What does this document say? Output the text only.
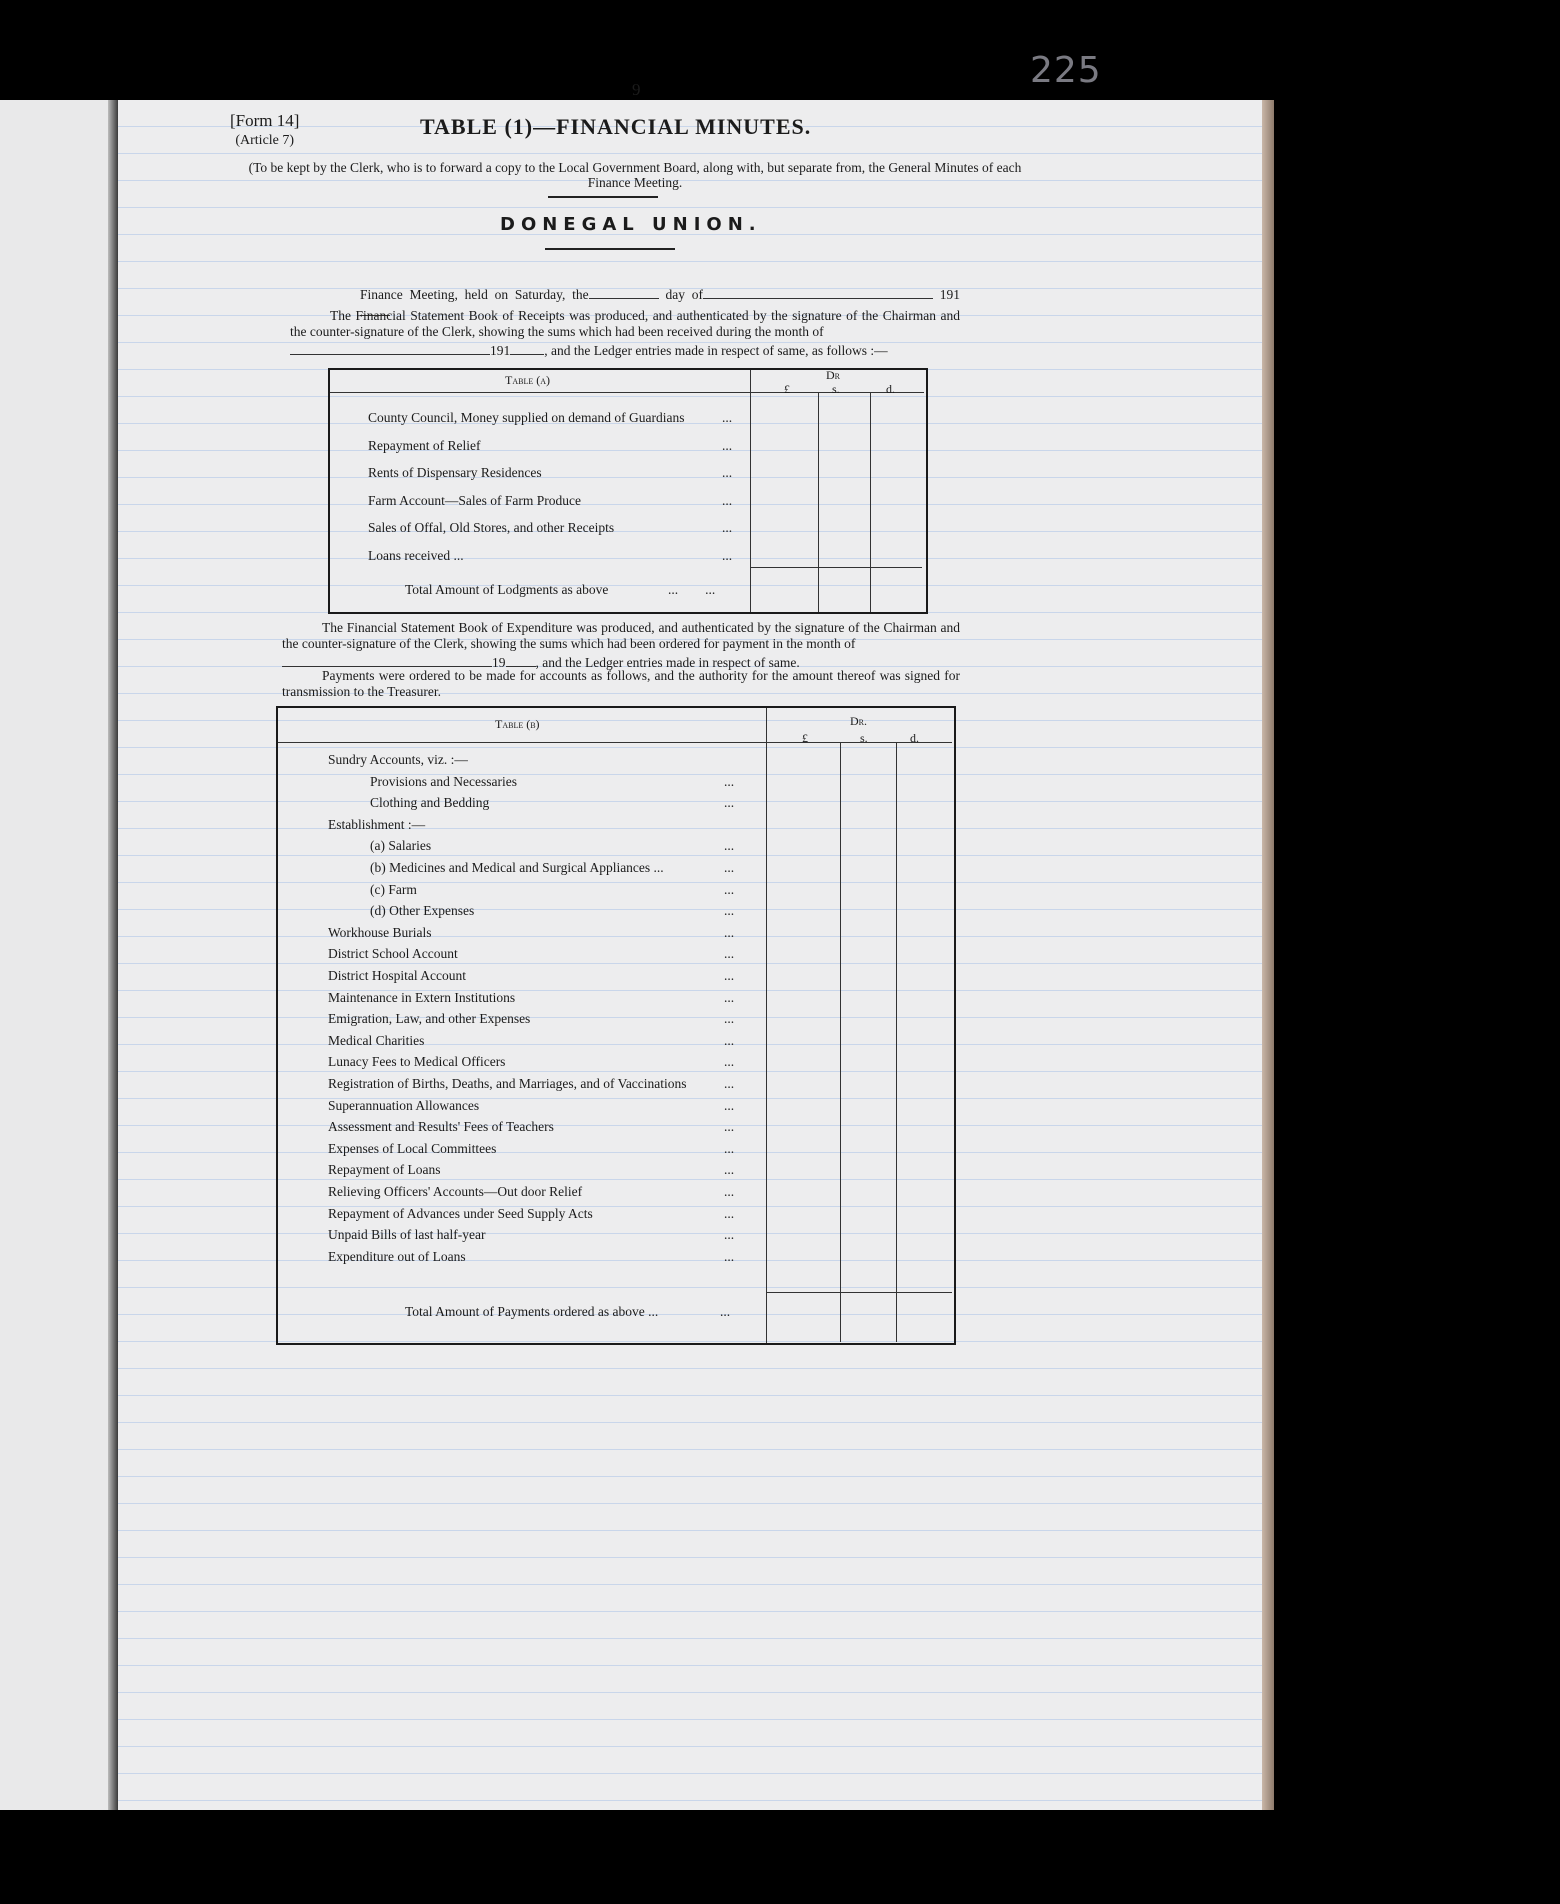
225
9
[Form 14]
(Article 7)
TABLE (1)—FINANCIAL MINUTES.
(To be kept by the Clerk, who is to forward a copy to the Local Government Board, along with, but separate from, the General Minutes of each Finance Meeting.
DONEGAL UNION.
Finance Meeting, held on Saturday, the	day of	191
The Financial Statement Book of Receipts was produced, and authenticated by the signature of the Chairman and the counter-signature of the Clerk, showing the sums which had been received during the month of
191	, and the Ledger entries made in respect of same, as follows :—
Table (a)	Dr
£	s.	d.
County Council, Money supplied on demand of Guardians	...
Repayment of Relief	...
Rents of Dispensary Residences	...
Farm Account—Sales of Farm Produce	...
Sales of Offal, Old Stores, and other Receipts	...
Loans received ...	...
Total Amount of Lodgments as above	...        ...
The Financial Statement Book of Expenditure was produced, and authenticated by the signature of the Chairman and the counter-signature of the Clerk, showing the sums which had been ordered for payment in the month of
19 , and the Ledger entries made in respect of same.
Payments were ordered to be made for accounts as follows, and the authority for the amount thereof was signed for transmission to the Treasurer.
Table (b)	Dr.
£	s.	d.
Sundry Accounts, viz. :—
Provisions and Necessaries	...
Clothing and Bedding	...
Establishment :—
(a) Salaries	...
(b) Medicines and Medical and Surgical Appliances ...	...
(c) Farm	...
(d) Other Expenses	...
Workhouse Burials	...
District School Account	...
District Hospital Account	...
Maintenance in Extern Institutions	...
Emigration, Law, and other Expenses	...
Medical Charities	...
Lunacy Fees to Medical Officers	...
Registration of Births, Deaths, and Marriages, and of Vaccinations	...
Superannuation Allowances	...
Assessment and Results' Fees of Teachers	...
Expenses of Local Committees	...
Repayment of Loans	...
Relieving Officers' Accounts—Out door Relief	...
Repayment of Advances under Seed Supply Acts	...
Unpaid Bills of last half-year	...
Expenditure out of Loans	...
Total Amount of Payments ordered as above ...	...
